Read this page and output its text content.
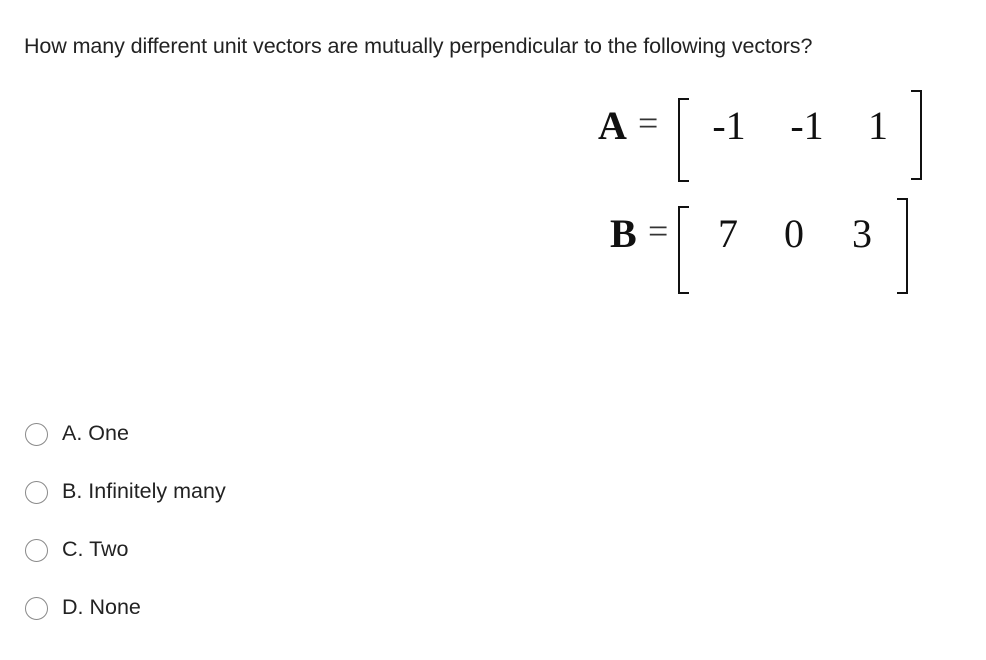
How many different unit vectors are mutually perpendicular to the following vectors?
A = -1 -1 1
B = 7 0 3
A. One
B. Infinitely many
C. Two
D. None
